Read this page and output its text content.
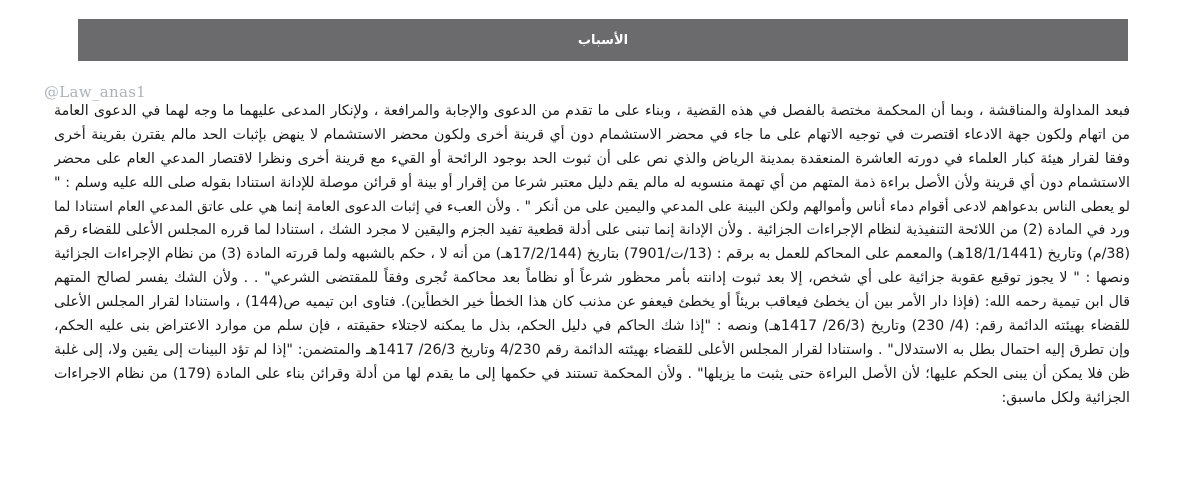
الأسباب
@Law_anas1
فبعد المداولة والمناقشة ، وبما أن المحكمة مختصة بالفصل في هذه القضية ، وبناء على ما تقدم من الدعوى والإجابة والمرافعة ، ولإنكار المدعى عليهما ما وجه لهما في الدعوى العامة
من اتهام ولكون جهة الادعاء اقتصرت في توجيه الاتهام على ما جاء في محضر الاستشمام دون أي قرينة أخرى ولكون محضر الاستشمام لا ينهض بإثبات الحد مالم يقترن بقرينة أخرى
وفقا لقرار هيئة كبار العلماء في دورته العاشرة المنعقدة بمدينة الرياض والذي نص على أن ثبوت الحد بوجود الرائحة أو القيء مع قرينة أخرى ونظرا لاقتصار المدعي العام على محضر
الاستشمام دون أي قرينة ولأن الأصل براءة ذمة المتهم من أي تهمة منسوبه له مالم يقم دليل معتبر شرعا من إقرار أو بينة أو قرائن موصلة للإدانة استنادا بقوله صلى الله عليه وسلم : "
لو يعطى الناس بدعواهم لادعى أقوام دماء أناس وأموالهم ولكن البينة على المدعي واليمين على من أنكر " . ولأن العبء في إثبات الدعوى العامة إنما هي على عاتق المدعي العام استنادا لما
ورد في المادة (2) من اللائحة التنفيذية لنظام الإجراءات الجزائية . ولأن الإدانة إنما تبنى على أدلة قطعية تفيد الجزم واليقين لا مجرد الشك ، استنادا لما قرره المجلس الأعلى للقضاء رقم
(38/م) وتاريخ (18/1/1441هـ) والمعمم على المحاكم للعمل به برقم : (13/ت/7901) بتاريخ (17/2/144هـ) من أنه لا ، حكم بالشبهه ولما قررته المادة (3) من نظام الإجراءات الجزائية
ونصها : " لا يجوز توقيع عقوبة جزائية على أي شخص، إلا بعد ثبوت إدانته بأمر محظور شرعاً أو نظاماً بعد محاكمة تُجرى وفقاً للمقتضى الشرعي" . . ولأن الشك يفسر لصالح المتهم
قال ابن تيمية رحمه الله: (فإذا دار الأمر بين أن يخطئ فيعاقب بريئاً أو يخطئ فيعفو عن مذنب كان هذا الخطأ خير الخطأين). فتاوى ابن تيميه ص(144) ، واستنادا لقرار المجلس الأعلى
للقضاء بهيئته الدائمة رقم: (4/ 230) وتاريخ (26/3/ 1417هـ) ونصه : "إذا شك الحاكم في دليل الحكم، بذل ما يمكنه لاجتلاء حقيقته ، فإن سلم من موارد الاعتراض بنى عليه الحكم،
وإن تطرق إليه احتمال بطل به الاستدلال" . واستنادا لقرار المجلس الأعلى للقضاء بهيئته الدائمة رقم 4/230 وتاريخ 26/3/ 1417هـ والمتضمن: "إذا لم تؤد البينات إلى يقين ولا، إلى غلبة
ظن فلا يمكن أن يبنى الحكم عليها؛ لأن الأصل البراءة حتى يثبت ما يزيلها" . ولأن المحكمة تستند في حكمها إلى ما يقدم لها من أدلة وقرائن بناء على المادة (179) من نظام الاجراءات
الجزائية ولكل ماسبق:
